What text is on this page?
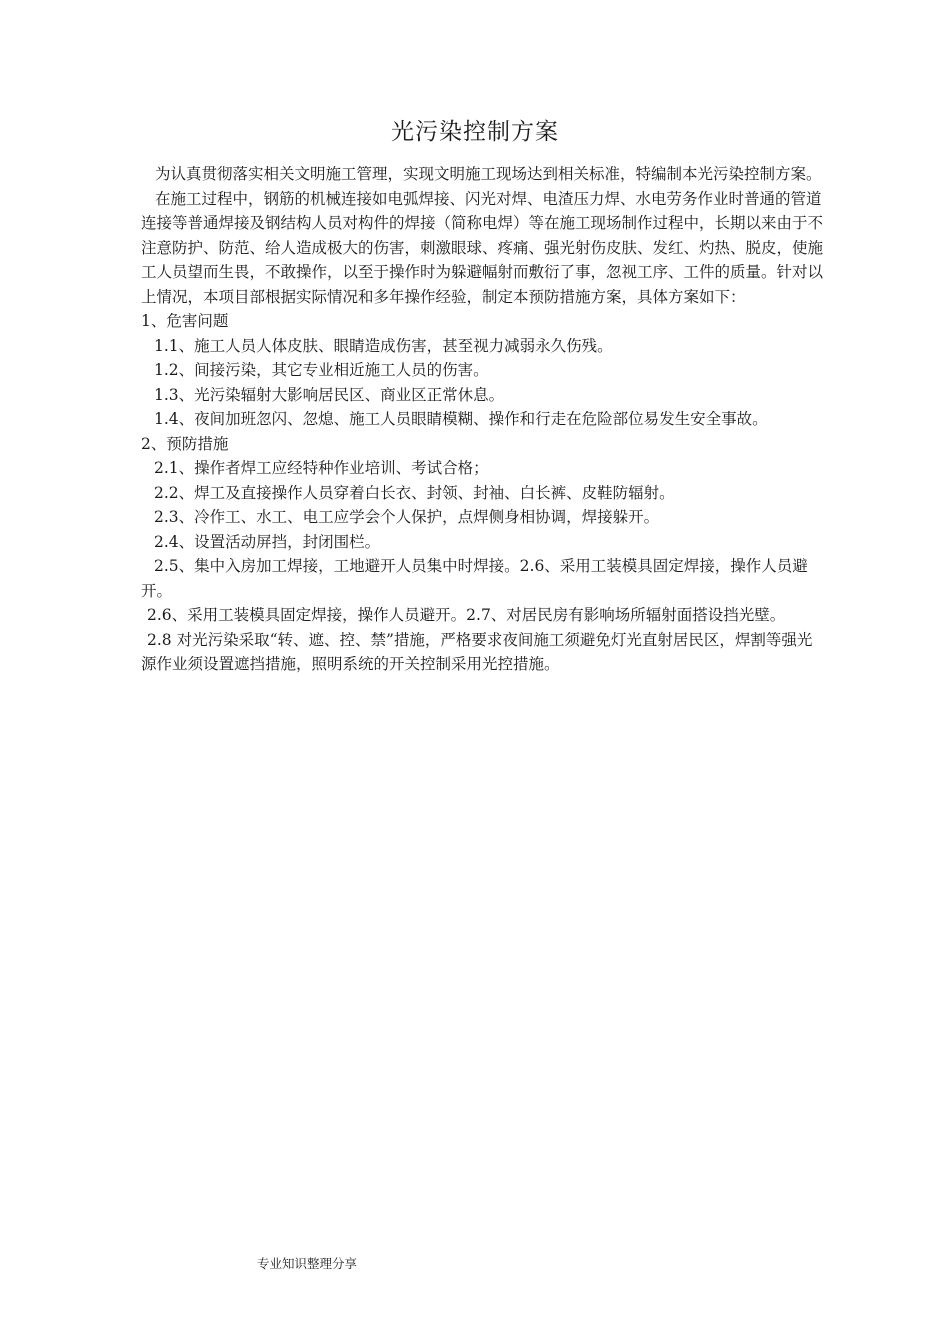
光污染控制方案

为认真贯彻落实相关文明施工管理，实现文明施工现场达到相关标准，特编制本光污染控制方案。

在施工过程中，钢筋的机械连接如电弧焊接、闪光对焊、电渣压力焊、水电劳务作业时普通的管道连接等普通焊接及钢结构人员对构件的焊接（简称电焊）等在施工现场制作过程中，长期以来由于不注意防护、防范、给人造成极大的伤害，刺激眼球、疼痛、强光射伤皮肤、发红、灼热、脱皮，使施工人员望而生畏，不敢操作，以至于操作时为躲避幅射而敷衍了事，忽视工序、工件的质量。针对以上情况，本项目部根据实际情况和多年操作经验，制定本预防措施方案，具体方案如下：

1、危害问题

1.1、施工人员人体皮肤、眼睛造成伤害，甚至视力减弱永久伤残。

1.2、间接污染，其它专业相近施工人员的伤害。

1.3、光污染辐射大影响居民区、商业区正常休息。

1.4、夜间加班忽闪、忽熄、施工人员眼睛模糊、操作和行走在危险部位易发生安全事故。

2、预防措施

2.1、操作者焊工应经特种作业培训、考试合格；

2.2、焊工及直接操作人员穿着白长衣、封领、封袖、白长裤、皮鞋防辐射。

2.3、冷作工、水工、电工应学会个人保护，点焊侧身相协调，焊接躲开。

2.4、设置活动屏挡，封闭围栏。

2.5、集中入房加工焊接，工地避开人员集中时焊接。2.6、采用工装模具固定焊接，操作人员避开。

2.6、采用工装模具固定焊接，操作人员避开。2.7、对居民房有影响场所辐射面搭设挡光壁。

2.8 对光污染采取“转、遮、控、禁”措施，严格要求夜间施工须避免灯光直射居民区，焊割等强光源作业须设置遮挡措施，照明系统的开关控制采用光控措施。

专业知识整理分享
